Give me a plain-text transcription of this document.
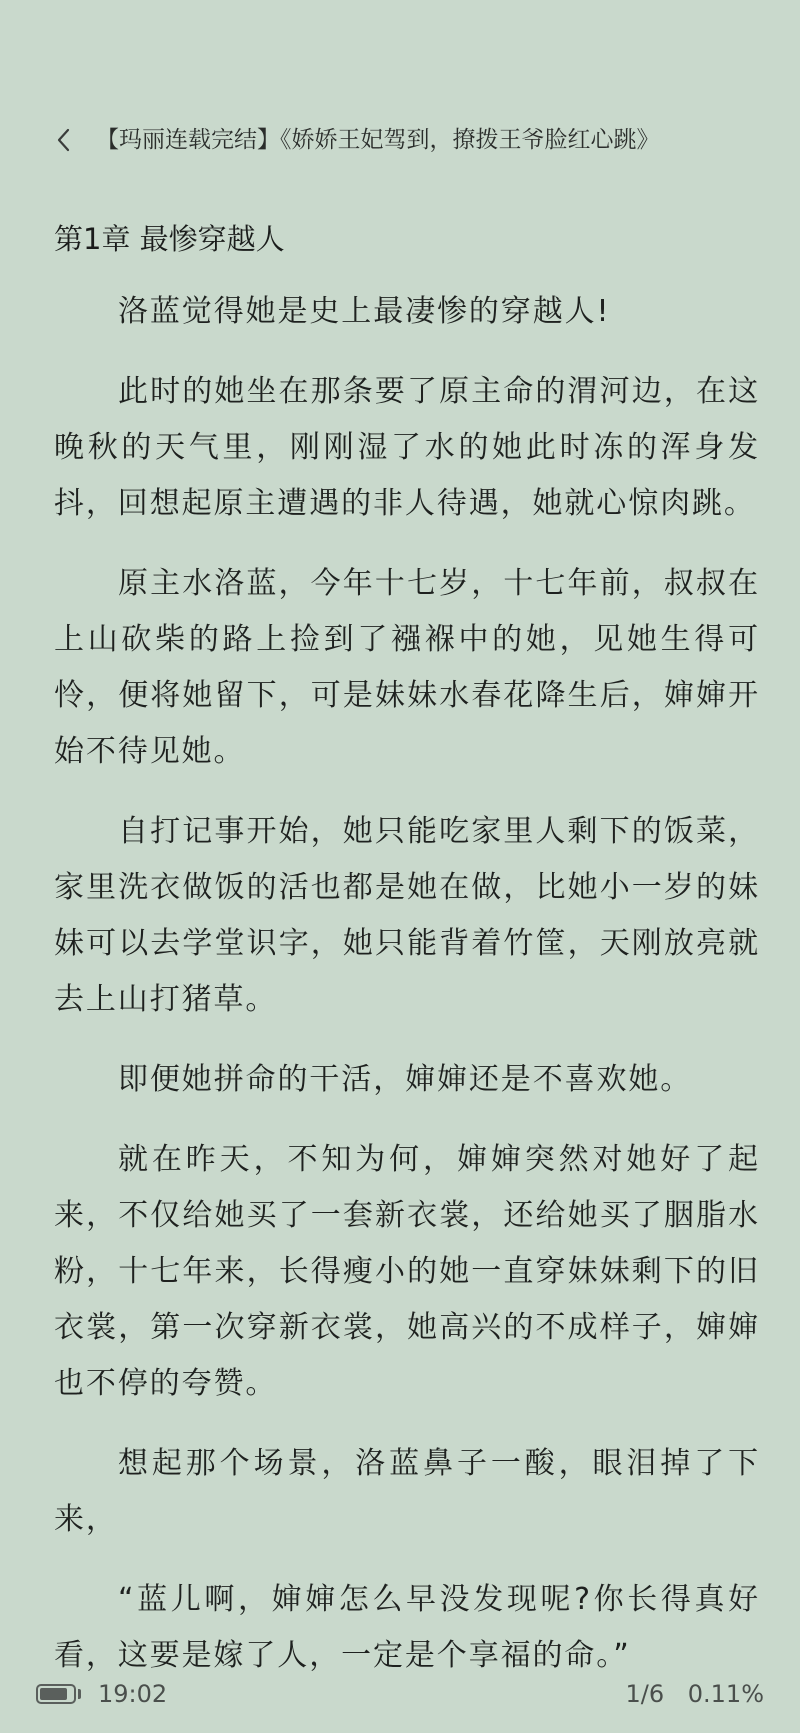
【玛丽连载完结】《娇娇王妃驾到，撩拨王爷脸红心跳》
第1章 最惨穿越人

洛蓝觉得她是史上最凄惨的穿越人!

此时的她坐在那条要了原主命的渭河边，在这晚秋的天气里，刚刚湿了水的她此时冻的浑身发抖，回想起原主遭遇的非人待遇，她就心惊肉跳。

原主水洛蓝，今年十七岁，十七年前，叔叔在上山砍柴的路上捡到了襁褓中的她，见她生得可怜，便将她留下，可是妹妹水春花降生后，婶婶开始不待见她。

自打记事开始，她只能吃家里人剩下的饭菜，家里洗衣做饭的活也都是她在做，比她小一岁的妹妹可以去学堂识字，她只能背着竹筐，天刚放亮就去上山打猪草。

即便她拼命的干活，婶婶还是不喜欢她。

就在昨天，不知为何，婶婶突然对她好了起来，不仅给她买了一套新衣裳，还给她买了胭脂水粉，十七年来，长得瘦小的她一直穿妹妹剩下的旧衣裳，第一次穿新衣裳，她高兴的不成样子，婶婶也不停的夸赞。

想起那个场景，洛蓝鼻子一酸，眼泪掉了下来，

“蓝儿啊，婶婶怎么早没发现呢?你长得真好看，这要是嫁了人，一定是个享福的命。”

19:02	1/6 0.11%
